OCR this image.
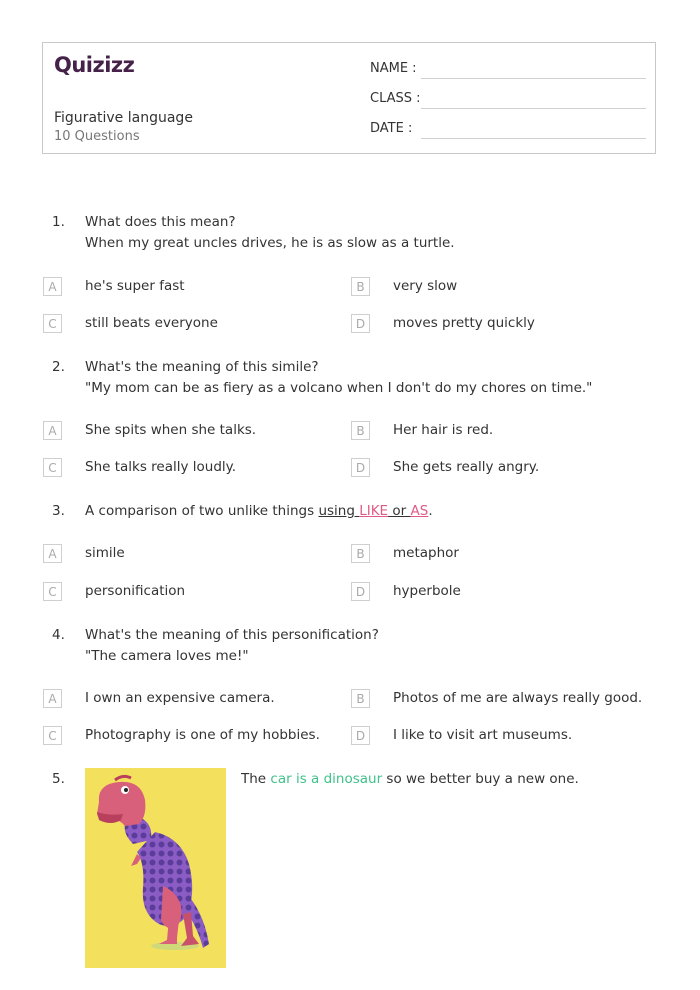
Quizizz
Figurative language
10 Questions
NAME :
CLASS :
DATE :
1. What does this mean?
When my great uncles drives, he is as slow as a turtle.
A	he's super fast	B	very slow
C	still beats everyone	D	moves pretty quickly
2. What's the meaning of this simile?
"My mom can be as fiery as a volcano when I don't do my chores on time."
A	She spits when she talks.	B	Her hair is red.
C	She talks really loudly.	D	She gets really angry.
3. A comparison of two unlike things using LIKE or AS.
A	simile	B	metaphor
C	personification	D	hyperbole
4. What's the meaning of this personification?
"The camera loves me!"
A	I own an expensive camera.	B	Photos of me are always really good.
C	Photography is one of my hobbies.	D	I like to visit art museums.
5.	The car is a dinosaur so we better buy a new one.
